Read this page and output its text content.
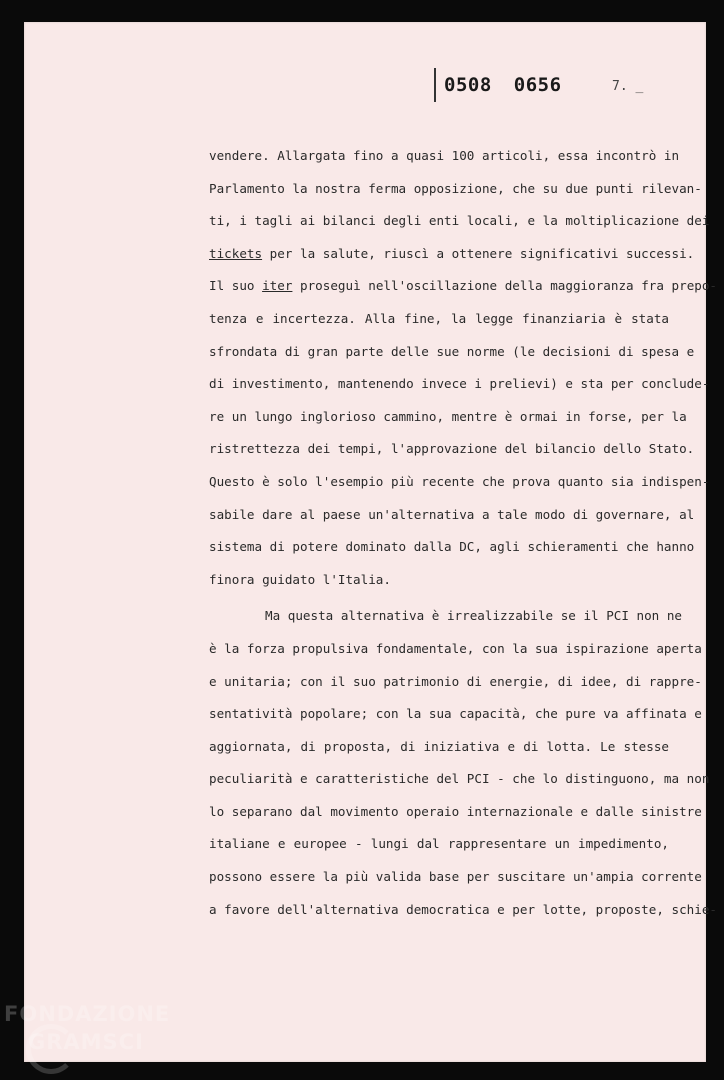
0508 0656	7. _
vendere. Allargata fino a quasi 100 articoli, essa incontrò in
Parlamento la nostra ferma opposizione, che su due punti rilevan-
ti, i tagli ai bilanci degli enti locali, e la moltiplicazione dei
tickets per la salute, riuscì a ottenere significativi successi.
Il suo iter proseguì nell'oscillazione della maggioranza fra prepo-
tenza e incertezza. Alla fine, la legge finanziaria è stata
sfrondata di gran parte delle sue norme (le decisioni di spesa e
di investimento, mantenendo invece i prelievi) e sta per conclude-
re un lungo inglorioso cammino, mentre è ormai in forse, per la
ristrettezza dei tempi, l'approvazione del bilancio dello Stato.
Questo è solo l'esempio più recente che prova quanto sia indispen-
sabile dare al paese un'alternativa a tale modo di governare, al
sistema di potere dominato dalla DC, agli schieramenti che hanno
finora guidato l'Italia.
Ma questa alternativa è irrealizzabile se il PCI non ne
è la forza propulsiva fondamentale, con la sua ispirazione aperta
e unitaria; con il suo patrimonio di energie, di idee, di rappre-
sentatività popolare; con la sua capacità, che pure va affinata e
aggiornata, di proposta, di iniziativa e di lotta. Le stesse
peculiarità e caratteristiche del PCI - che lo distinguono, ma non
lo separano dal movimento operaio internazionale e dalle sinistre
italiane e europee - lungi dal rappresentare un impedimento,
possono essere la più valida base per suscitare un'ampia corrente
a favore dell'alternativa democratica e per lotte, proposte, schie-
FONDAZIONE
GRAMSCI
